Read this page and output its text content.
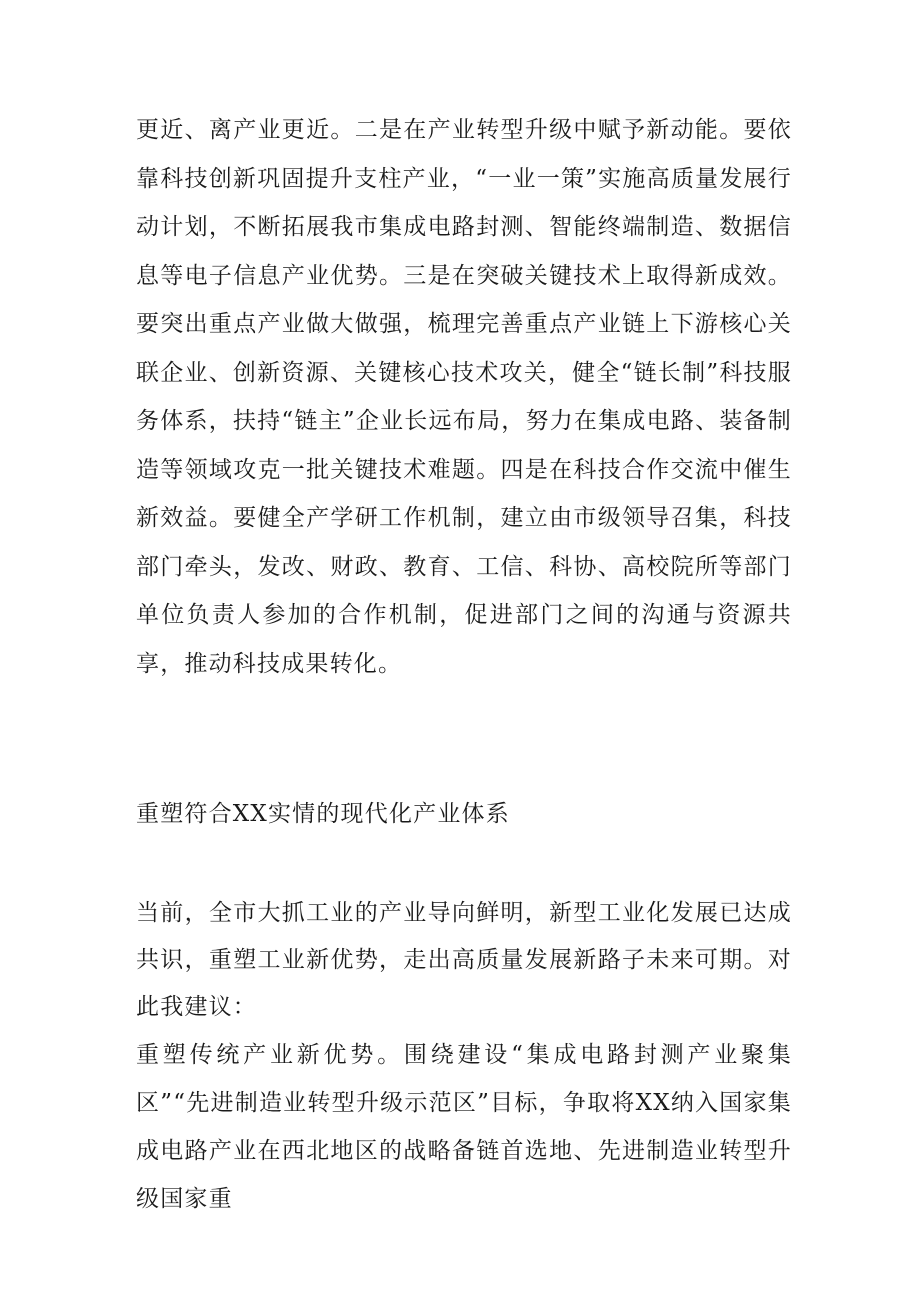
更近、离产业更近。二是在产业转型升级中赋予新动能。要依靠科技创新巩固提升支柱产业，“一业一策”实施高质量发展行动计划，不断拓展我市集成电路封测、智能终端制造、数据信息等电子信息产业优势。三是在突破关键技术上取得新成效。要突出重点产业做大做强，梳理完善重点产业链上下游核心关联企业、创新资源、关键核心技术攻关，健全“链长制”科技服务体系，扶持“链主”企业长远布局，努力在集成电路、装备制造等领域攻克一批关键技术难题。四是在科技合作交流中催生新效益。要健全产学研工作机制，建立由市级领导召集，科技部门牵头，发改、财政、教育、工信、科协、高校院所等部门单位负责人参加的合作机制，促进部门之间的沟通与资源共享，推动科技成果转化。

重塑符合XX实情的现代化产业体系

当前，全市大抓工业的产业导向鲜明，新型工业化发展已达成共识，重塑工业新优势，走出高质量发展新路子未来可期。对此我建议：

重塑传统产业新优势。围绕建设“集成电路封测产业聚集区”“先进制造业转型升级示范区”目标，争取将XX纳入国家集成电路产业在西北地区的战略备链首选地、先进制造业转型升级国家重
